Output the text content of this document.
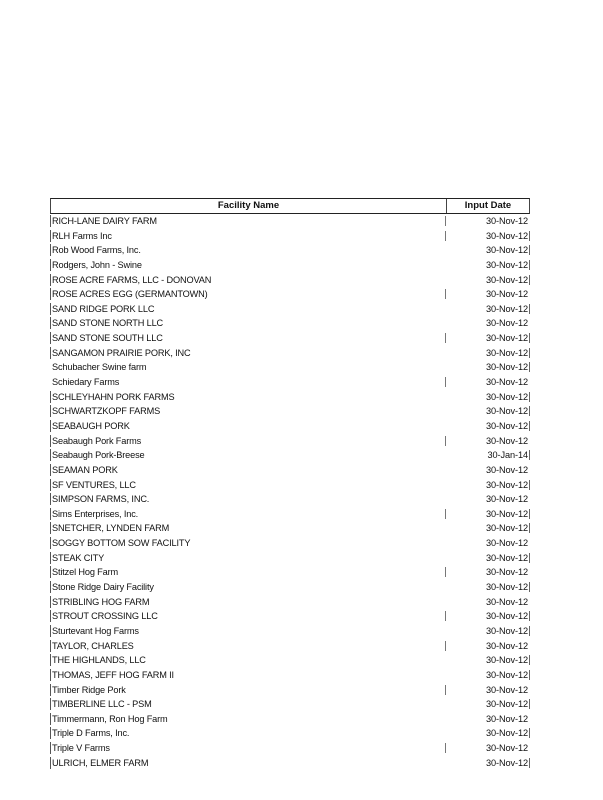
Facility Name	Input Date
RICH-LANE DAIRY FARM	30-Nov-12
RLH Farms Inc	30-Nov-12
Rob Wood Farms, Inc.	30-Nov-12
Rodgers, John - Swine	30-Nov-12
ROSE ACRE FARMS, LLC - DONOVAN	30-Nov-12
ROSE ACRES EGG (GERMANTOWN)	30-Nov-12
SAND RIDGE PORK LLC	30-Nov-12
SAND STONE NORTH LLC	30-Nov-12
SAND STONE SOUTH LLC	30-Nov-12
SANGAMON PRAIRIE PORK, INC	30-Nov-12
Schubacher Swine farm	30-Nov-12
Schiedary Farms	30-Nov-12
SCHLEYHAHN PORK FARMS	30-Nov-12
SCHWARTZKOPF FARMS	30-Nov-12
SEABAUGH PORK	30-Nov-12
Seabaugh Pork Farms	30-Nov-12
Seabaugh Pork-Breese	30-Jan-14
SEAMAN PORK	30-Nov-12
SF VENTURES, LLC	30-Nov-12
SIMPSON FARMS, INC.	30-Nov-12
Sims Enterprises, Inc.	30-Nov-12
SNETCHER, LYNDEN FARM	30-Nov-12
SOGGY BOTTOM SOW FACILITY	30-Nov-12
STEAK CITY	30-Nov-12
Stitzel Hog Farm	30-Nov-12
Stone Ridge Dairy Facility	30-Nov-12
STRIBLING HOG FARM	30-Nov-12
STROUT CROSSING LLC	30-Nov-12
Sturtevant Hog Farms	30-Nov-12
TAYLOR, CHARLES	30-Nov-12
THE HIGHLANDS, LLC	30-Nov-12
THOMAS, JEFF HOG FARM II	30-Nov-12
Timber Ridge Pork	30-Nov-12
TIMBERLINE LLC - PSM	30-Nov-12
Timmermann, Ron Hog Farm	30-Nov-12
Triple D Farms, Inc.	30-Nov-12
Triple V Farms	30-Nov-12
ULRICH, ELMER FARM	30-Nov-12
